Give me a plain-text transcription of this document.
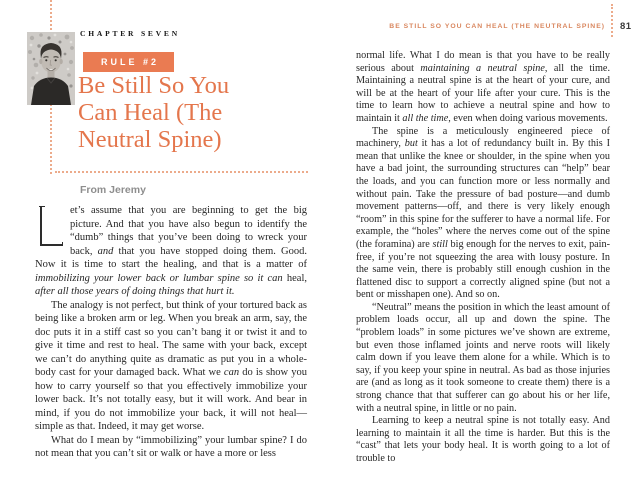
CHAPTER SEVEN
RULE #2
Be Still So You
Can Heal (The
Neutral Spine)
From Jeremy

et’s assume that you are beginning to get the big picture. And that you have also begun to identify the “dumb” things that you’ve been doing to wreck your back, and that you have stopped doing them. Good. Now it is time to start the healing, and that is a matter of immobilizing your lower back or lumbar spine so it can heal, after all those years of doing things that hurt it.

The analogy is not perfect, but think of your tortured back as being like a broken arm or leg. When you break an arm, say, the doc puts it in a stiff cast so you can’t bang it or twist it and to give it time and rest to heal. The same with your back, except we can’t do anything quite as dramatic as put you in a whole-body cast for your damaged back. What we can do is show you how to carry yourself so that you effectively immobilize your lower back. It’s not totally easy, but it will work. And bear in mind, if you do not immobilize your back, it will not heal—simple as that. Indeed, it may get worse.

What do I mean by “immobilizing” your lumbar spine? I do not mean that you can’t sit or walk or have a more or less

BE STILL SO YOU CAN HEAL (THE NEUTRAL SPINE) 81

normal life. What I do mean is that you have to be really serious about maintaining a neutral spine, all the time. Maintaining a neutral spine is at the heart of your cure, and will be at the heart of your life after your cure. This is the time to learn how to achieve a neutral spine and how to maintain it all the time, even when doing various movements.

The spine is a meticulously engineered piece of machinery, but it has a lot of redundancy built in. By this I mean that unlike the knee or shoulder, in the spine when you have a bad joint, the surrounding structures can “help” bear the loads, and you can function more or less normally and without pain. Take the pressure of bad posture—and dumb movement patterns—off, and there is very likely enough “room” in this spine for the sufferer to have a normal life. For example, the “holes” where the nerves come out of the spine (the foramina) are still big enough for the nerves to exit, pain-free, if you’re not squeezing the area with lousy posture. In the same vein, there is probably still enough cushion in the flattened disc to support a correctly aligned spine (but not a bent or misshapen one). And so on.

“Neutral” means the position in which the least amount of problem loads occur, all up and down the spine. The “problem loads” in some pictures we’ve shown are extreme, but even those inflamed joints and nerve roots will likely calm down if you leave them alone for a while. Which is to say, if you keep your spine in neutral. As bad as those injuries are (and as long as it took someone to create them) there is a strong chance that that sufferer can go about his or her life, with a neutral spine, in little or no pain.

Learning to keep a neutral spine is not totally easy. And learning to maintain it all the time is harder. But this is the “cast” that lets your body heal. It is worth going to a lot of trouble to
